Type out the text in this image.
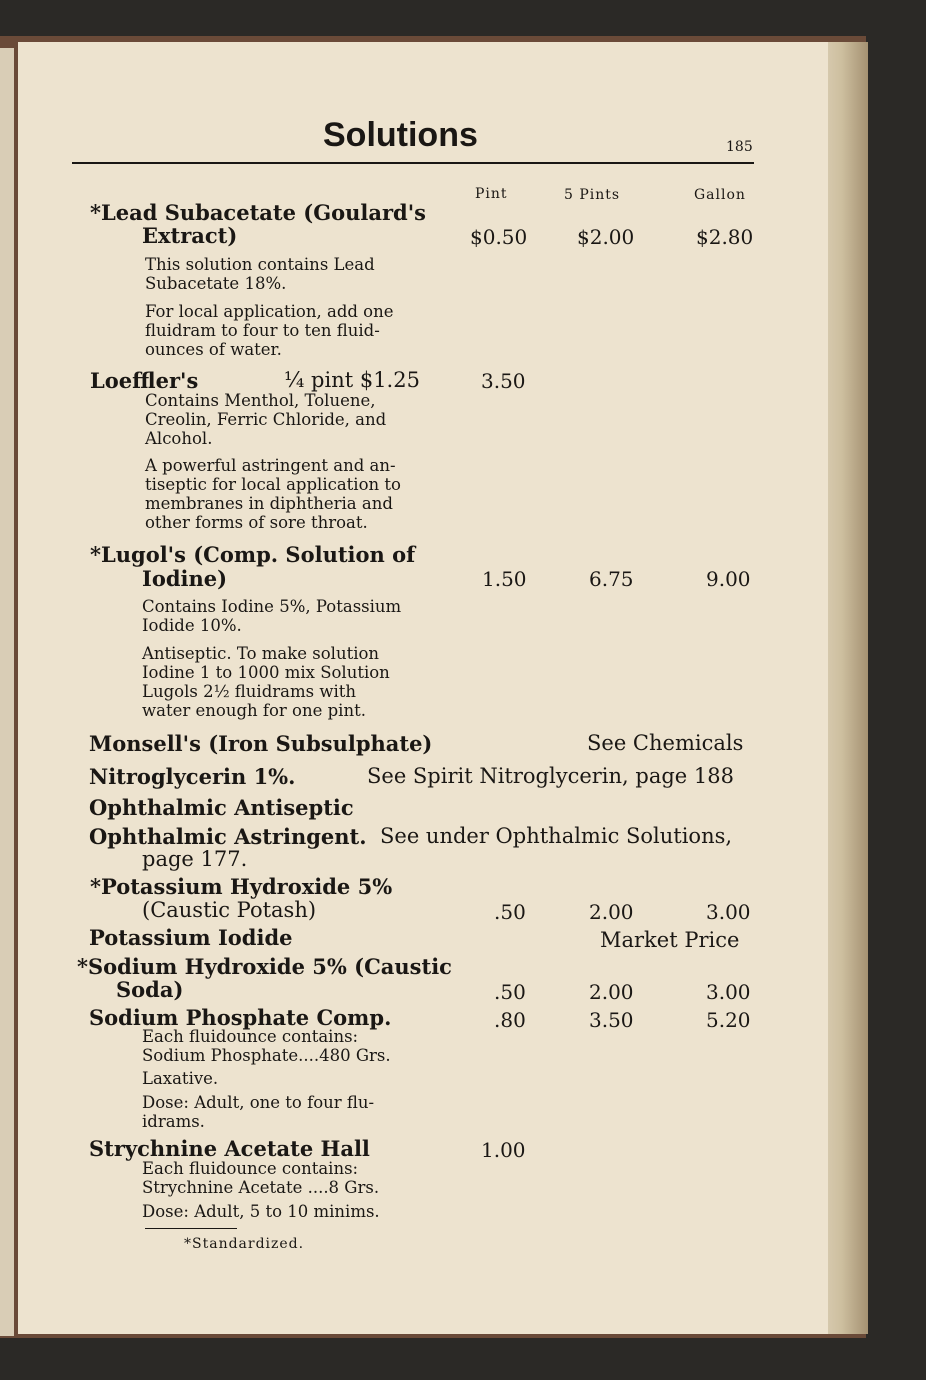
Solutions	185
Pint	5 Pints	Gallon
*Lead Subacetate (Goulard's
Extract)	$0.50 $2.00	$2.80

This solution contains Lead

Subacetate 18%.

For local application, add one

fluidram to four to ten fluid-

ounces of water.

Loeffler's	¼ pint $1.25	3.50

Contains Menthol, Toluene,

Creolin, Ferric Chloride, and

Alcohol.

A powerful astringent and an-

tiseptic for local application to

membranes in diphtheria and

other forms of sore throat.

*Lugol's (Comp. Solution of
Iodine)	1.50	6.75	9.00

Contains Iodine 5%, Potassium

Iodide 10%.

Antiseptic. To make solution

Iodine 1 to 1000 mix Solution

Lugols 2½ fluidrams with

water enough for one pint.

Monsell's (Iron Subsulphate)	See Chemicals
Nitroglycerin 1%.	See Spirit Nitroglycerin, page 188
Ophthalmic Antiseptic
Ophthalmic Astringent. See under Ophthalmic Solutions,
page 177.
*Potassium Hydroxide 5%
(Caustic Potash)	.50	2.00	3.00
Potassium Iodide	Market Price
*Sodium Hydroxide 5% (Caustic
Soda)	.50	2.00	3.00
Sodium Phosphate Comp.	.80	3.50	5.20

Each fluidounce contains:

Sodium Phosphate....480 Grs.

Laxative.

Dose: Adult, one to four flu-

idrams.

Strychnine Acetate Hall	1.00

Each fluidounce contains:

Strychnine Acetate ....8 Grs.

Dose: Adult, 5 to 10 minims.
*Standardized.
